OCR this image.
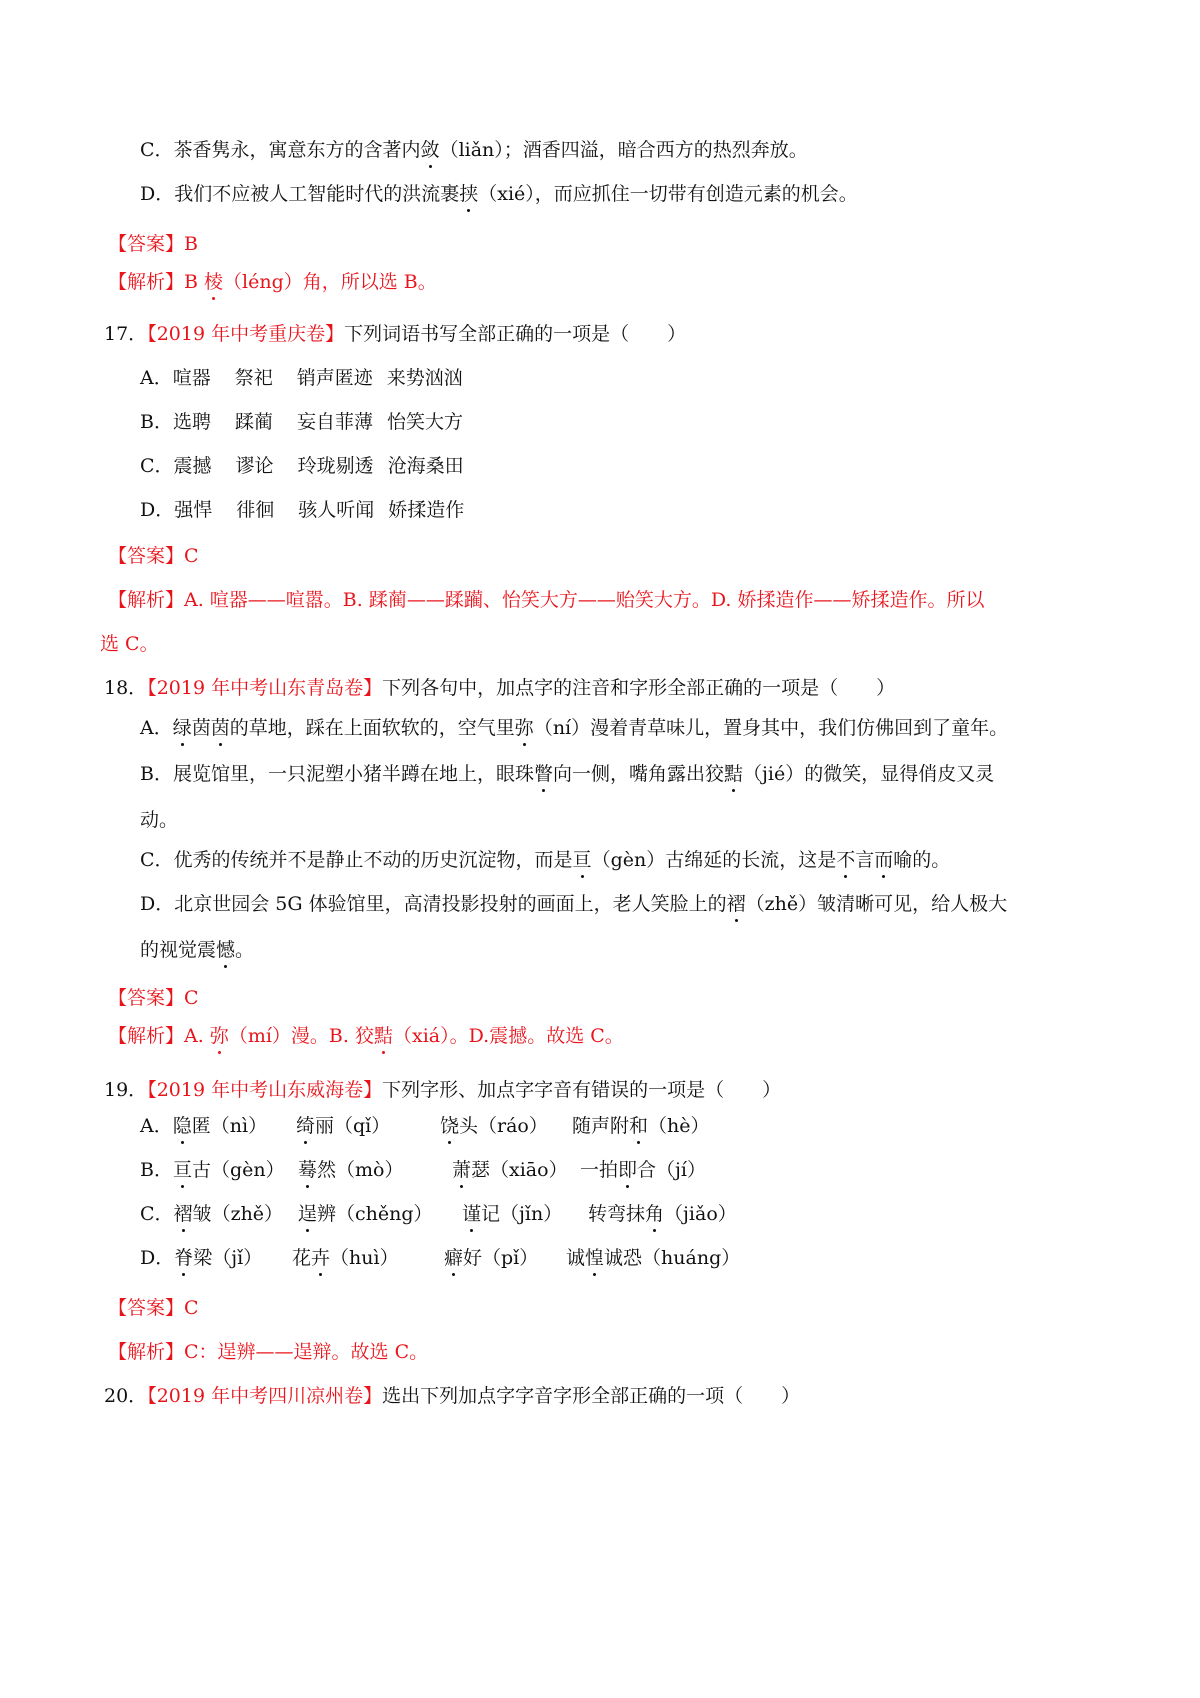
C．茶香隽永，寓意东方的含著内敛（liǎn）；酒香四溢，暗合西方的热烈奔放。
D．我们不应被人工智能时代的洪流裹挟（xié），而应抓住一切带有创造元素的机会。
【答案】B
【解析】B 棱（léng）角，所以选 B。
17．【2019 年中考重庆卷】下列词语书写全部正确的一项是（　　）
A．喧器 祭祀 销声匿迹 来势汹汹
B．选聘 蹂蔺 妄自菲薄 怡笑大方
C．震撼 谬论 玲珑剔透 沧海桑田
D．强悍 徘徊 骇人听闻 娇揉造作
【答案】C
【解析】A. 喧器——喧嚣。B. 蹂蔺——蹂躏、怡笑大方——贻笑大方。D. 娇揉造作——矫揉造作。所以
选 C。
18．【2019 年中考山东青岛卷】下列各句中，加点字的注音和字形全部正确的一项是（　　）
A．绿茵茵的草地，踩在上面软软的，空气里弥（ní）漫着青草味儿，置身其中，我们仿佛回到了童年。
B．展览馆里，一只泥塑小猪半蹲在地上，眼珠瞥向一侧，嘴角露出狡黠（jié）的微笑，显得俏皮又灵
动。
C．优秀的传统并不是静止不动的历史沉淀物，而是亘（gèn）古绵延的长流，这是不言而喻的。
D．北京世园会 5G 体验馆里，高清投影投射的画面上，老人笑脸上的褶（zhě）皱清晰可见，给人极大
的视觉震憾。
【答案】C
【解析】A. 弥（mí）漫。B. 狡黠（xiá）。D.震撼。故选 C。
19．【2019 年中考山东威海卷】下列字形、加点字字音有错误的一项是（　　）
A．隐匿（nì） 绮丽（qǐ）	饶头（ráo） 随声附和（hè）
B．亘古（gèn） 蓦然（mò）	萧瑟（xiāo） 一拍即合（jí）
C．褶皱（zhě） 逞辨（chěng） 谨记（jǐn） 转弯抹角（jiǎo）
D．脊梁（jǐ） 花卉（huì） 癖好（pǐ） 诚惶诚恐（huáng）
【答案】C
【解析】C：逞辨——逞辩。故选 C。
20．【2019 年中考四川凉州卷】选出下列加点字字音字形全部正确的一项（　　）
